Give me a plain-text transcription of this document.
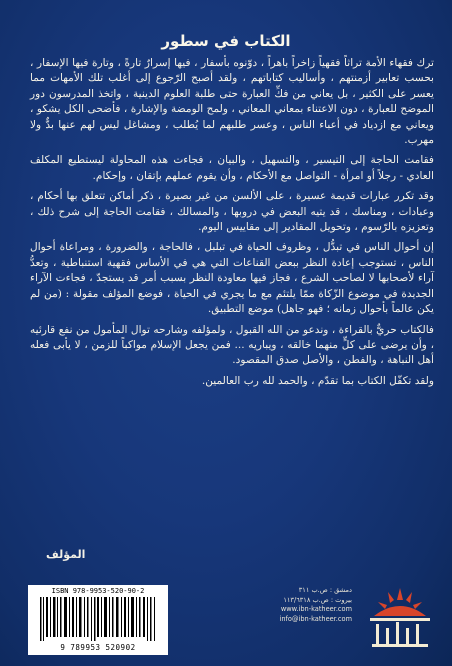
الكتاب في سطور

ترك فقهاء الأمة تراثاً فقهياً زاخراً باهراً ، دوّنوه بأسفار ، فيها إسرارٌ تارةً ، وتارة فيها الإسفار ، بحسب تعابير أزمنتهم ، وأساليب كتاباتهم ، ولقد أصبح الرّجوع إلى أغلب تلك الأمهات مما يعسر على الكثير ، بل يعاني من فكِّ العبارة حتى طلبة العلوم الدينية ، واتخذ المدرسون دور الموضح للعبارة ، دون الاعتناء بمعاني المعاني ، ولمح الومضة والإشارة ، فأضحى الكل يشكو ، ويعاني مع ازدياد في أعباء الناس ، وعسر طلبهم لما يُطلب ، ومشاغل ليس لهم عنها بدٌّ ولا مهرب.

فقامت الحاجة إلى التيسير ، والتسهيل ، والبيان ، فجاءت هذه المحاولة ليستطيع المكلف العادي - رجلاً أو امرأة - التواصل مع الأحكام ، وأن يقوم عملهم بإتقان ، وإحكام.

وقد تكرر عبارات قديمة عسيرة ، على الألسن من غير بصيرة ، ذكر أماكن تتعلق بها أحكام ، وعبادات ، ومناسك ، قد يتيه البعض في دروبها ، والمسالك ، فقامت الحاجة إلى شرح ذلك ، وتعزيزه بالرّسوم ، وتحويل المقادير إلى مقاييس اليوم.

إن أحوال الناس في تبدُّل ، وظروف الحياة في تبلبل ، فالحاجة ، والضرورة ، ومراعاة أحوال الناس ، تستوجب إعادة النظر ببعض القناعات التي هي في الأساس فقهية استنباطية ، وتعدُّ آراء لأصحابها لا لصاحب الشرع ، فجاز فيها معاودة النظر بسبب أمر قد يستجدّ ، فجاءت الآراء الجديدة في موضوع الزّكاة ممّا يلتئم مع ما يجري في الحياة ، فوضع المؤلف مقولة : (من لم يكن عالماً بأحوال زمانه ؛ فهو جاهل) موضع التطبيق.

فالكتاب حريٌّ بالقراءة ، وندعو من الله القبول ، ولمؤلفه وشارحه توال المأمول من نفع قارئيه ، وأن يرضى على كلٍّ منهما خالقه ، ويباريه ... فمن يجعل الإسلام مواكباً للزمن ، لا يأبى فعله أهل النباهة ، والفطن ، والأصل صدق المقصود.

ولقد تكفّل الكتاب بما تقدّم ، والحمد لله رب العالمين.

المؤلف
ISBN 978-9953-520-90-2
9 789953 520902
دمشق : ص.ب ٣١١
بيروت : ص.ب ١١٣/٦٣١٨
www.ibn-katheer.com
info@ibn-katheer.com
